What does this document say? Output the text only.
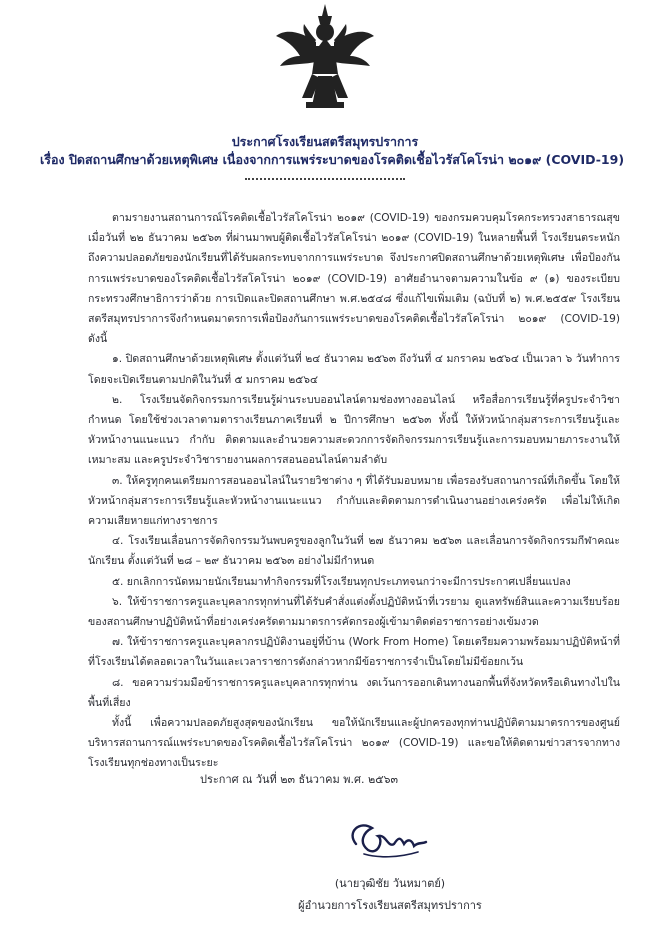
ประกาศโรงเรียนสตรีสมุทรปราการ
เรื่อง ปิดสถานศึกษาด้วยเหตุพิเศษ เนื่องจากการแพร่ระบาดของโรคติดเชื้อไวรัสโคโรน่า ๒๐๑๙ (COVID-19)

ตามรายงานสถานการณ์โรคติดเชื้อไวรัสโคโรน่า ๒๐๑๙ (COVID-19) ของกรมควบคุมโรคกระทรวงสาธารณสุข เมื่อวันที่ ๒๒ ธันวาคม ๒๕๖๓ ที่ผ่านมาพบผู้ติดเชื้อไวรัสโคโรน่า ๒๐๑๙ (COVID-19) ในหลายพื้นที่ โรงเรียนตระหนักถึงความปลอดภัยของนักเรียนที่ได้รับผลกระทบจากการแพร่ระบาด จึงประกาศปิดสถานศึกษาด้วยเหตุพิเศษ เพื่อป้องกันการแพร่ระบาดของโรคติดเชื้อไวรัสโคโรน่า ๒๐๑๙ (COVID-19) อาศัยอำนาจตามความในข้อ ๙ (๑) ของระเบียบกระทรวงศึกษาธิการว่าด้วย การเปิดและปิดสถานศึกษา พ.ศ.๒๕๔๘ ซึ่งแก้ไขเพิ่มเติม (ฉบับที่ ๒) พ.ศ.๒๕๕๙ โรงเรียนสตรีสมุทรปราการจึงกำหนดมาตรการเพื่อป้องกันการแพร่ระบาดของโรคติดเชื้อไวรัสโคโรน่า ๒๐๑๙ (COVID-19) ดังนี้

๑. ปิดสถานศึกษาด้วยเหตุพิเศษ ตั้งแต่วันที่ ๒๔ ธันวาคม ๒๕๖๓ ถึงวันที่ ๔ มกราคม ๒๕๖๔ เป็นเวลา ๖ วันทำการ โดยจะเปิดเรียนตามปกติในวันที่ ๕ มกราคม ๒๕๖๔

๒. โรงเรียนจัดกิจกรรมการเรียนรู้ผ่านระบบออนไลน์ตามช่องทางออนไลน์ หรือสื่อการเรียนรู้ที่ครูประจำวิชากำหนด โดยใช้ช่วงเวลาตามตารางเรียนภาคเรียนที่ ๒ ปีการศึกษา ๒๕๖๓ ทั้งนี้ ให้หัวหน้ากลุ่มสาระการเรียนรู้และหัวหน้างานแนะแนว กำกับ ติดตามและอำนวยความสะดวกการจัดกิจกรรมการเรียนรู้และการมอบหมายภาระงานให้เหมาะสม และครูประจำวิชารายงานผลการสอนออนไลน์ตามลำดับ

๓. ให้ครูทุกคนเตรียมการสอนออนไลน์ในรายวิชาต่าง ๆ ที่ได้รับมอบหมาย เพื่อรองรับสถานการณ์ที่เกิดขึ้น โดยให้หัวหน้ากลุ่มสาระการเรียนรู้และหัวหน้างานแนะแนว กำกับและติดตามการดำเนินงานอย่างเคร่งครัด เพื่อไม่ให้เกิดความเสียหายแก่ทางราชการ

๔. โรงเรียนเลื่อนการจัดกิจกรรมวันพบครูของลูกในวันที่ ๒๗ ธันวาคม ๒๕๖๓ และเลื่อนการจัดกิจกรรมกีฬาคณะนักเรียน ตั้งแต่วันที่ ๒๘ – ๒๙ ธันวาคม ๒๕๖๓ อย่างไม่มีกำหนด

๕. ยกเลิกการนัดหมายนักเรียนมาทำกิจกรรมที่โรงเรียนทุกประเภทจนกว่าจะมีการประกาศเปลี่ยนแปลง

๖. ให้ข้าราชการครูและบุคลากรทุกท่านที่ได้รับคำสั่งแต่งตั้งปฏิบัติหน้าที่เวรยาม ดูแลทรัพย์สินและความเรียบร้อยของสถานศึกษาปฏิบัติหน้าที่อย่างเคร่งครัดตามมาตรการคัดกรองผู้เข้ามาติดต่อราชการอย่างเข้มงวด

๗. ให้ข้าราชการครูและบุคลากรปฏิบัติงานอยู่ที่บ้าน (Work From Home) โดยเตรียมความพร้อมมาปฏิบัติหน้าที่ที่โรงเรียนได้ตลอดเวลาในวันและเวลาราชการดังกล่าวหากมีข้อราชการจำเป็นโดยไม่มีข้อยกเว้น

๘. ขอความร่วมมือข้าราชการครูและบุคลากรทุกท่าน งดเว้นการออกเดินทางนอกพื้นที่จังหวัดหรือเดินทางไปในพื้นที่เสี่ยง

ทั้งนี้ เพื่อความปลอดภัยสูงสุดของนักเรียน ขอให้นักเรียนและผู้ปกครองทุกท่านปฏิบัติตามมาตรการของศูนย์บริหารสถานการณ์แพร่ระบาดของโรคติดเชื้อไวรัสโคโรน่า ๒๐๑๙ (COVID-19) และขอให้ติดตามข่าวสารจากทางโรงเรียนทุกช่องทางเป็นระยะ

ประกาศ ณ วันที่ ๒๓ ธันวาคม พ.ศ. ๒๕๖๓
(นายวุฒิชัย วันหมาตย์)
ผู้อำนวยการโรงเรียนสตรีสมุทรปราการ
